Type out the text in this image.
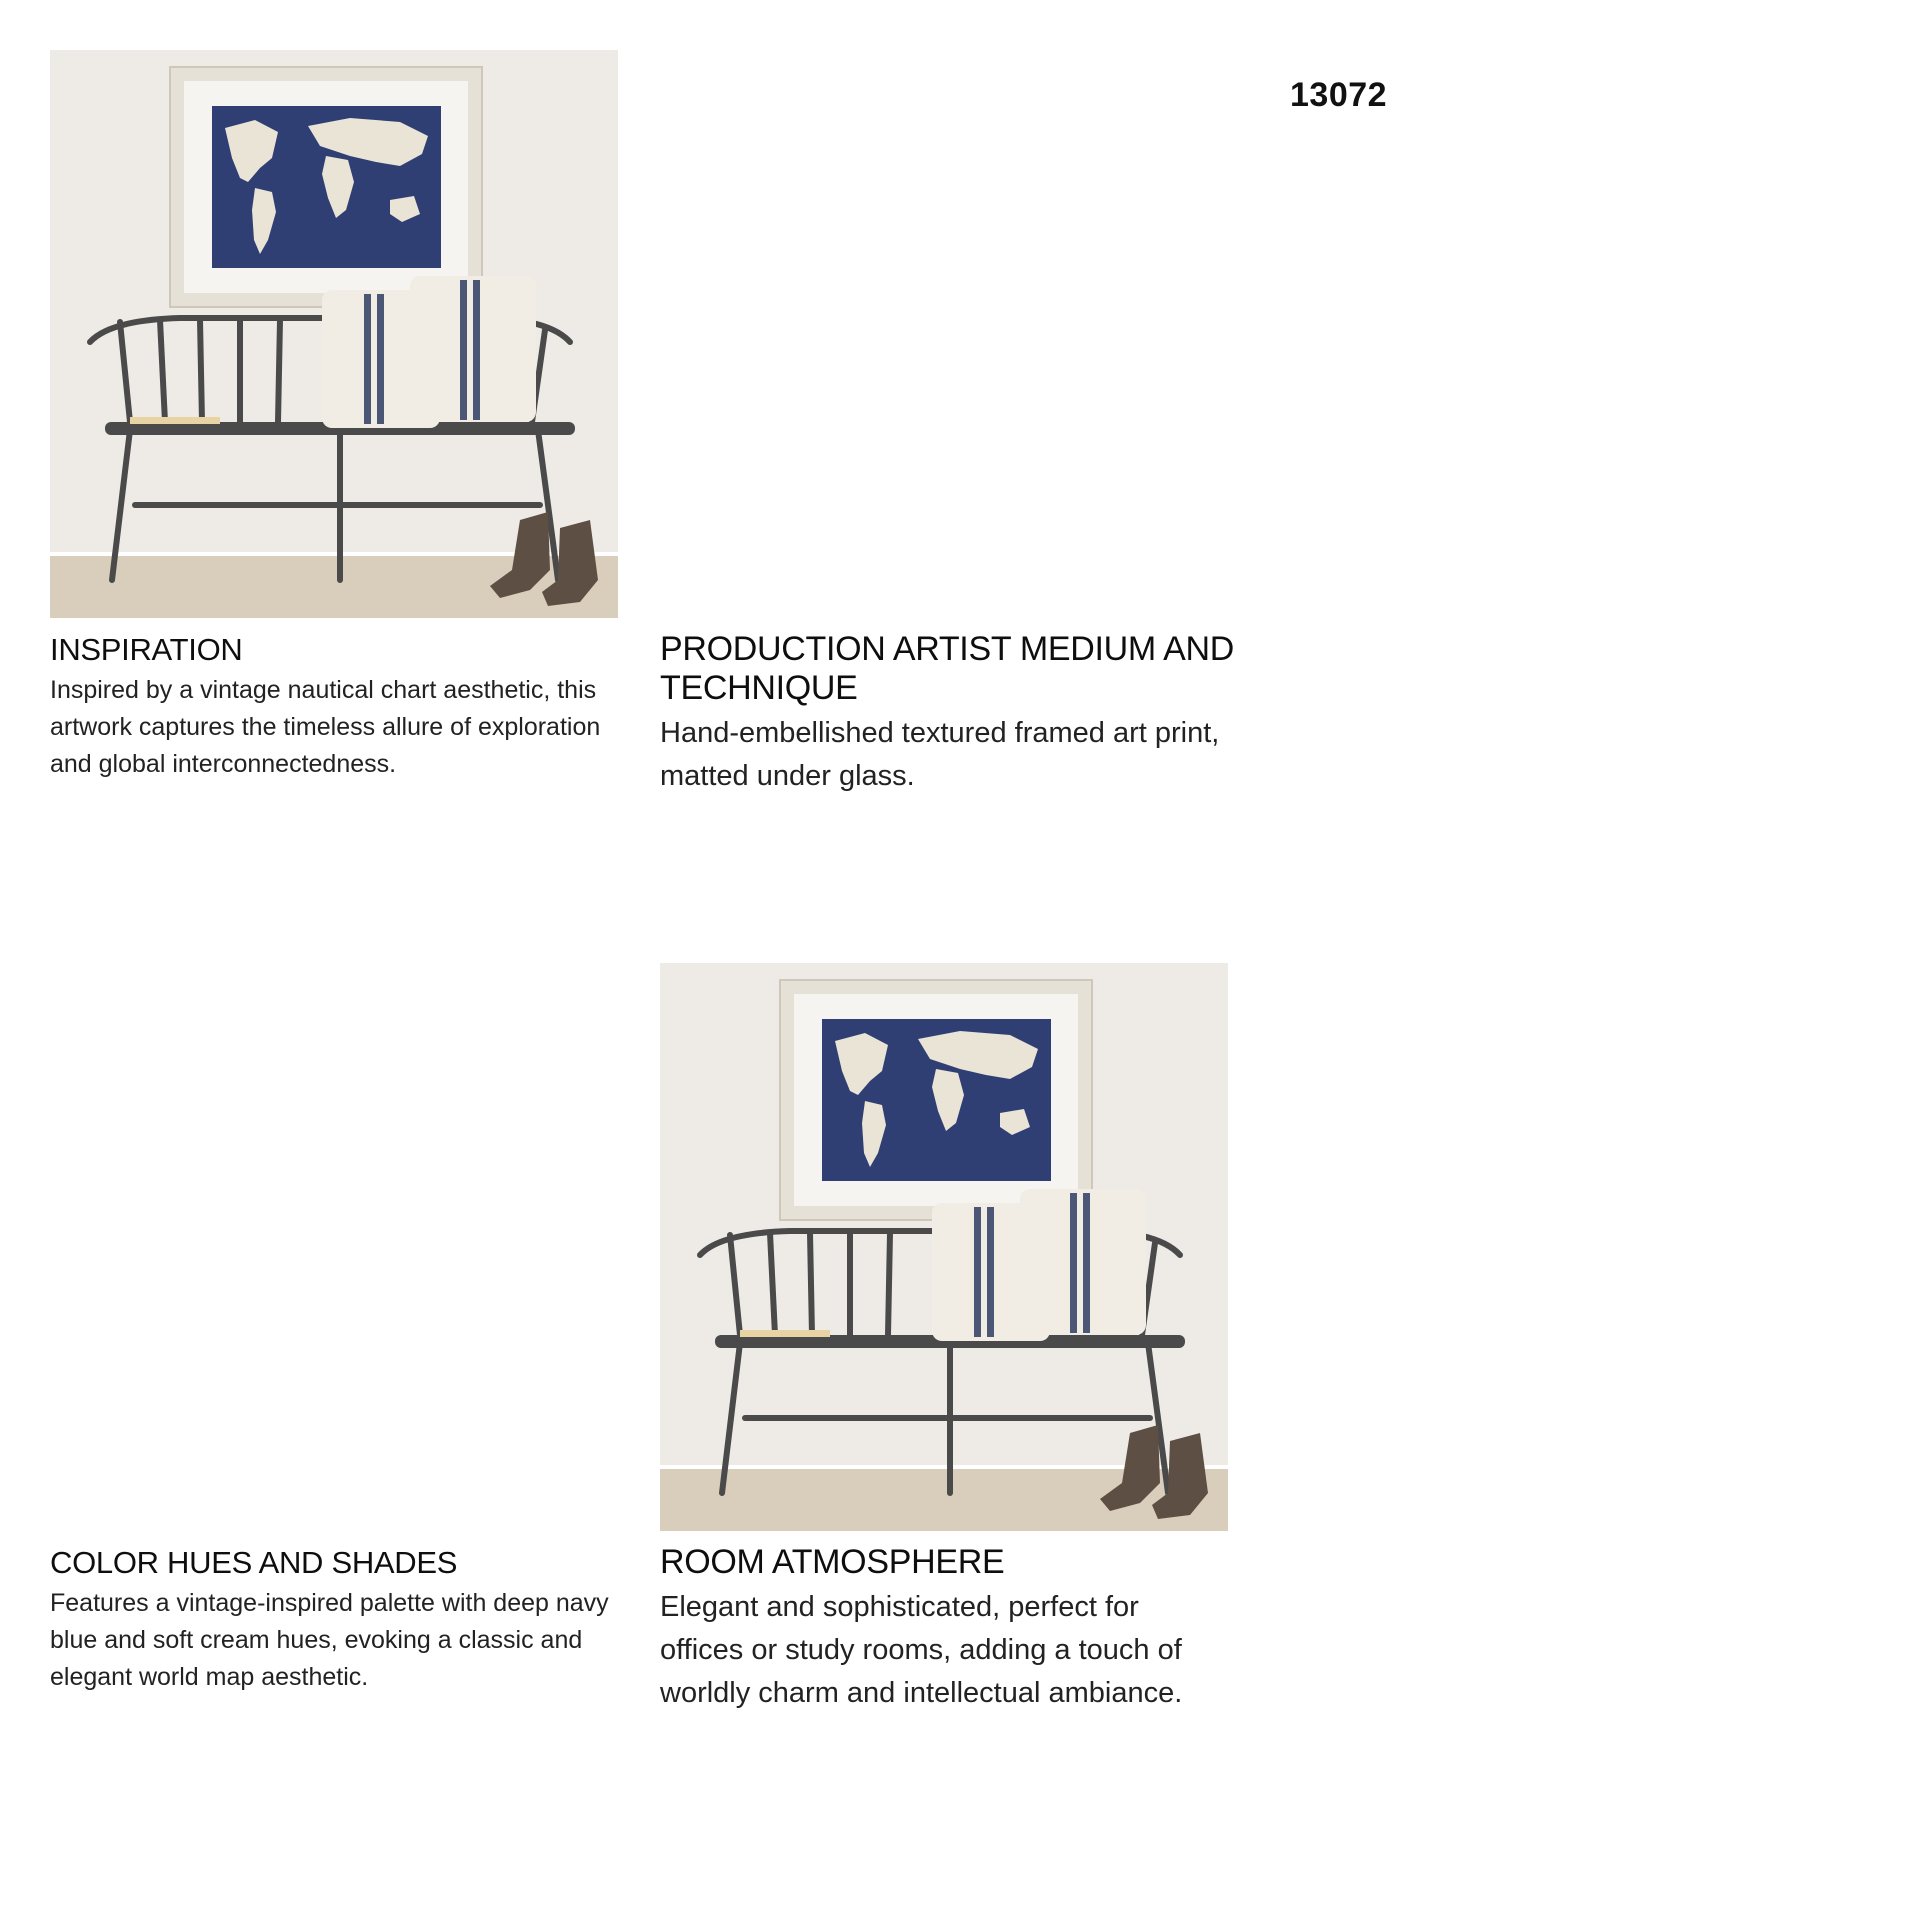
13072
INSPIRATION

Inspired by a vintage nautical chart aesthetic, this artwork captures the timeless allure of exploration and global interconnectedness.

PRODUCTION ARTIST MEDIUM AND TECHNIQUE

Hand-embellished textured framed art print, matted under glass.

COLOR HUES AND SHADES

Features a vintage-inspired palette with deep navy blue and soft cream hues, evoking a classic and elegant world map aesthetic.

ROOM ATMOSPHERE

Elegant and sophisticated, perfect for offices or study rooms, adding a touch of worldly charm and intellectual ambiance.
